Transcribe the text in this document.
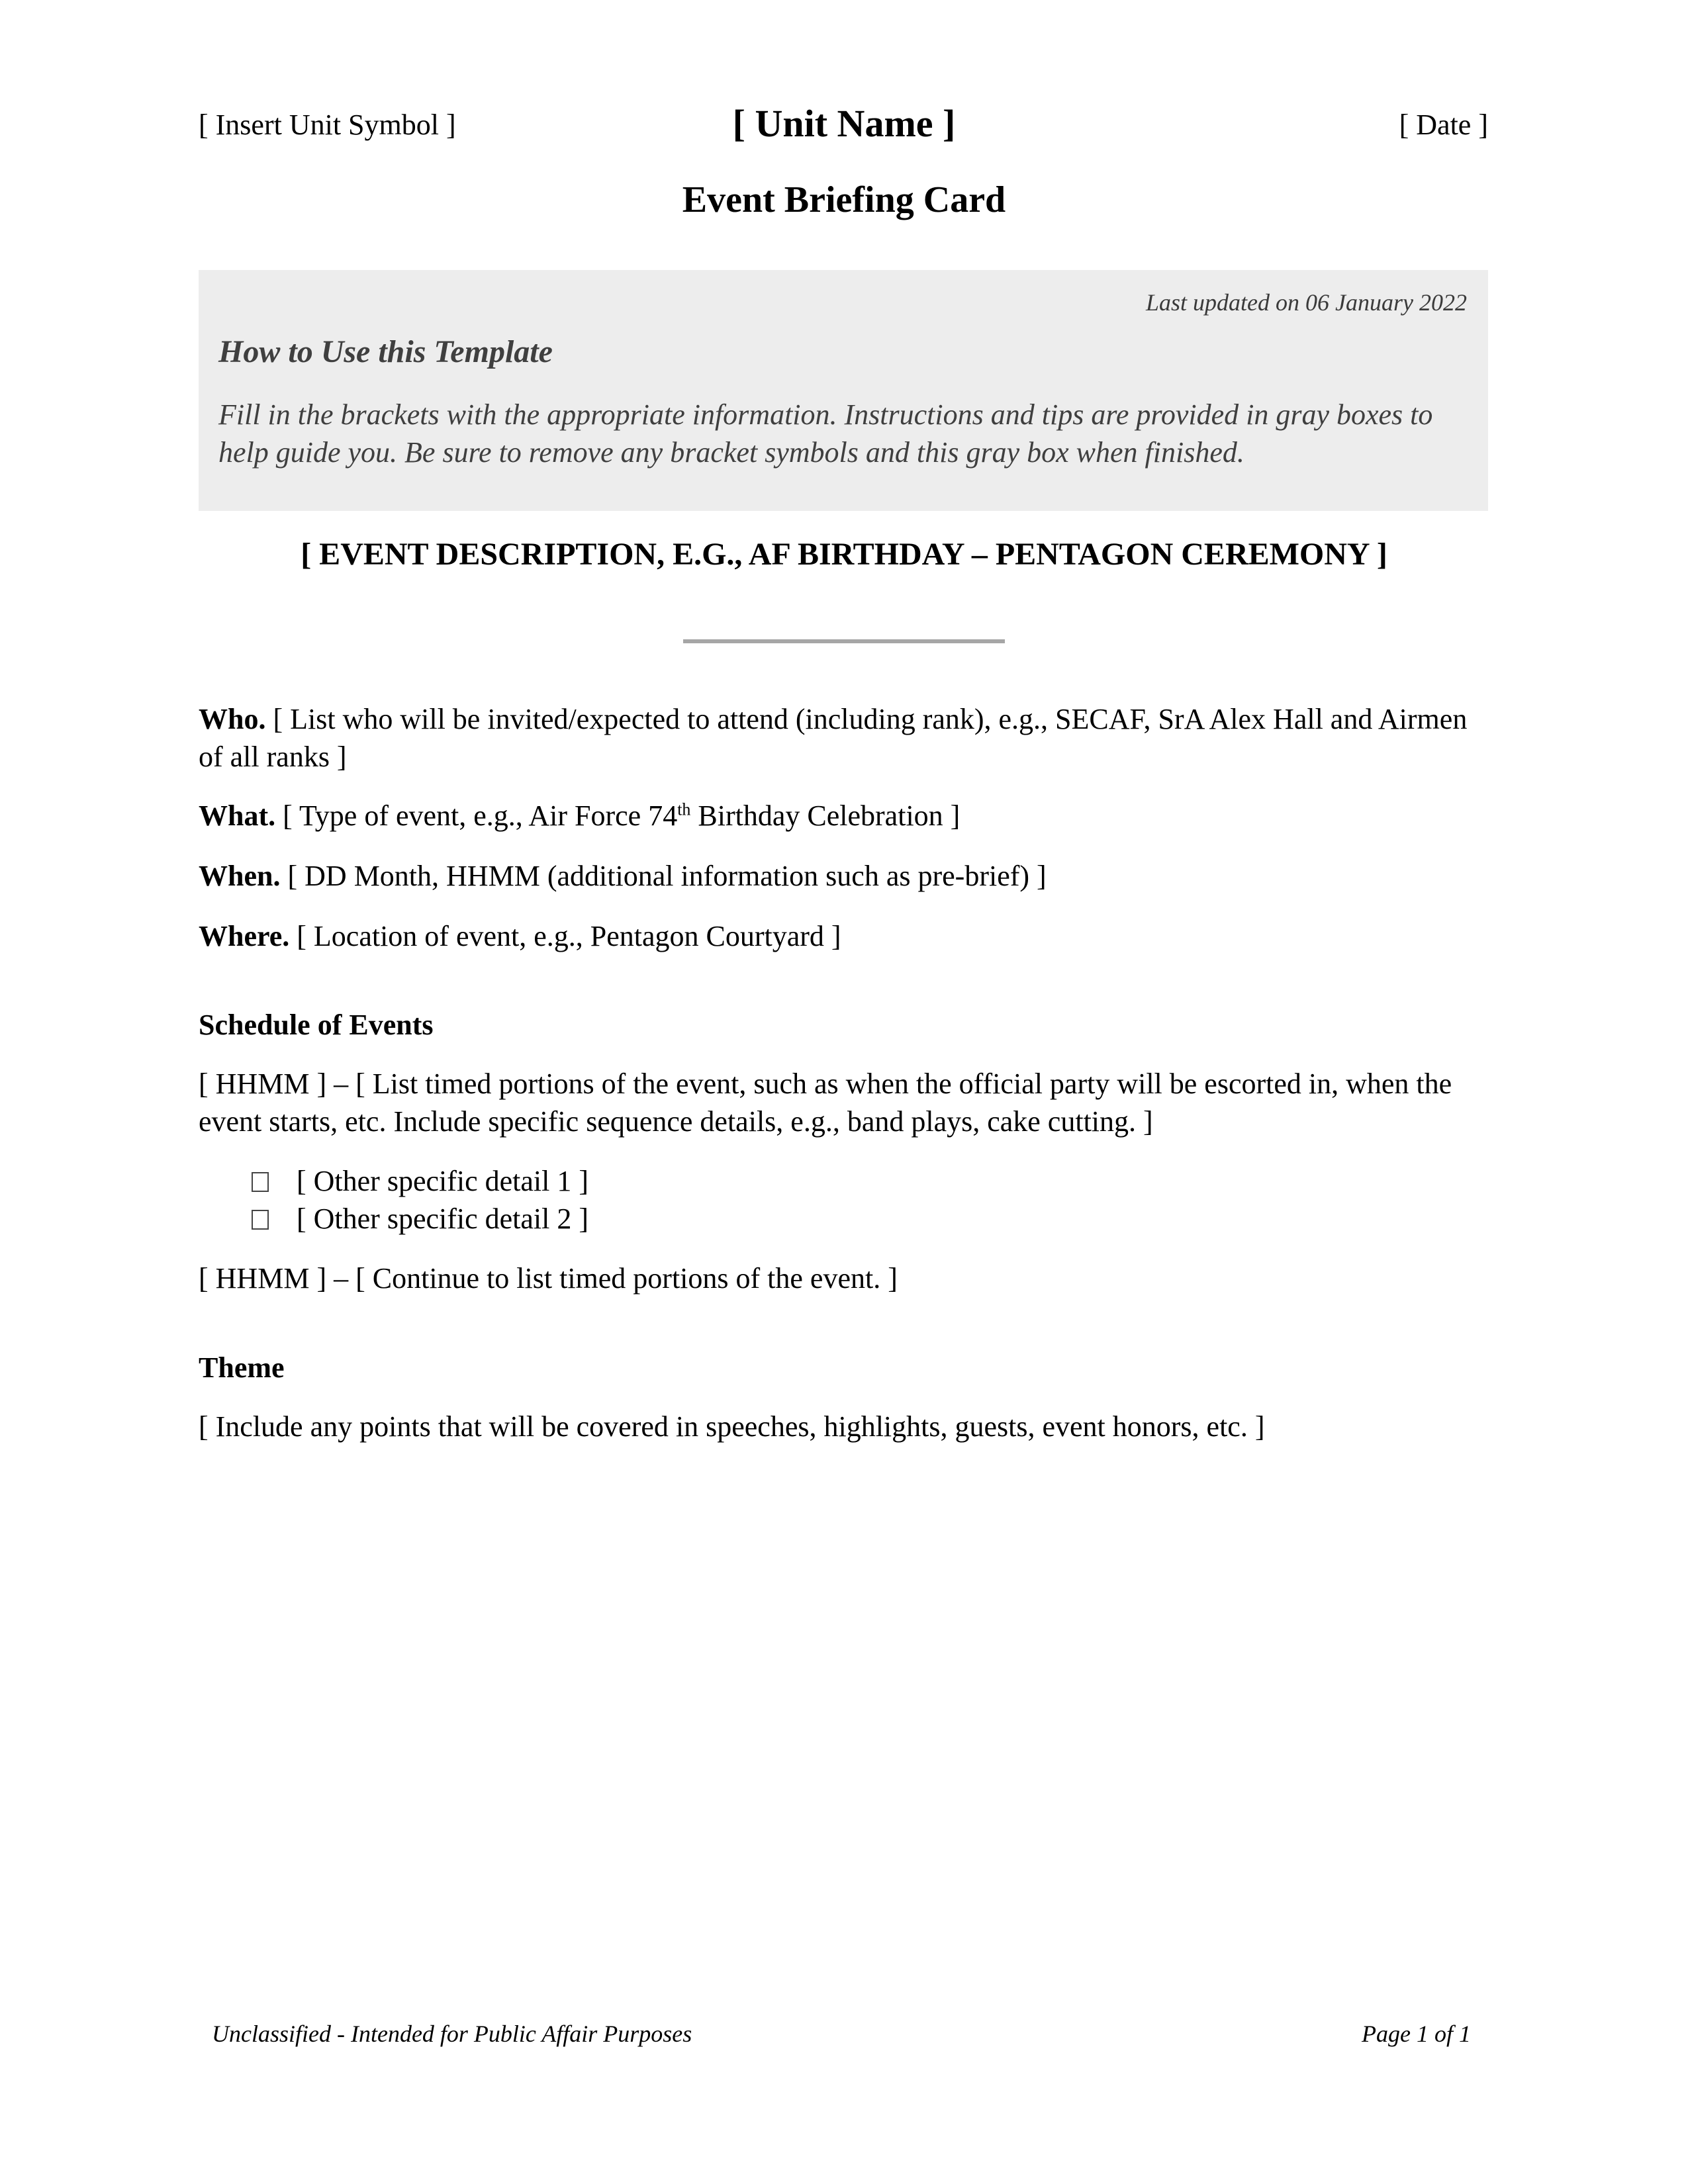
[ Insert Unit Symbol ]	[ Unit Name ]	[ Date ]
Event Briefing Card
Last updated on 06 January 2022
How to Use this Template
Fill in the brackets with the appropriate information. Instructions and tips are provided in gray boxes to help guide you. Be sure to remove any bracket symbols and this gray box when finished.
[ EVENT DESCRIPTION, E.G., AF BIRTHDAY – PENTAGON CEREMONY ]
Who. [ List who will be invited/expected to attend (including rank), e.g., SECAF, SrA Alex Hall and Airmen of all ranks ]
What. [ Type of event, e.g., Air Force 74th Birthday Celebration ]
When. [ DD Month, HHMM (additional information such as pre-brief) ]
Where. [ Location of event, e.g., Pentagon Courtyard ]
Schedule of Events
[ HHMM ] – [ List timed portions of the event, such as when the official party will be escorted in, when the event starts, etc. Include specific sequence details, e.g., band plays, cake cutting. ]
[ Other specific detail 1 ]
[ Other specific detail 2 ]
[ HHMM ] – [ Continue to list timed portions of the event. ]
Theme
[ Include any points that will be covered in speeches, highlights, guests, event honors, etc. ]
Unclassified - Intended for Public Affair Purposes	Page 1 of 1
